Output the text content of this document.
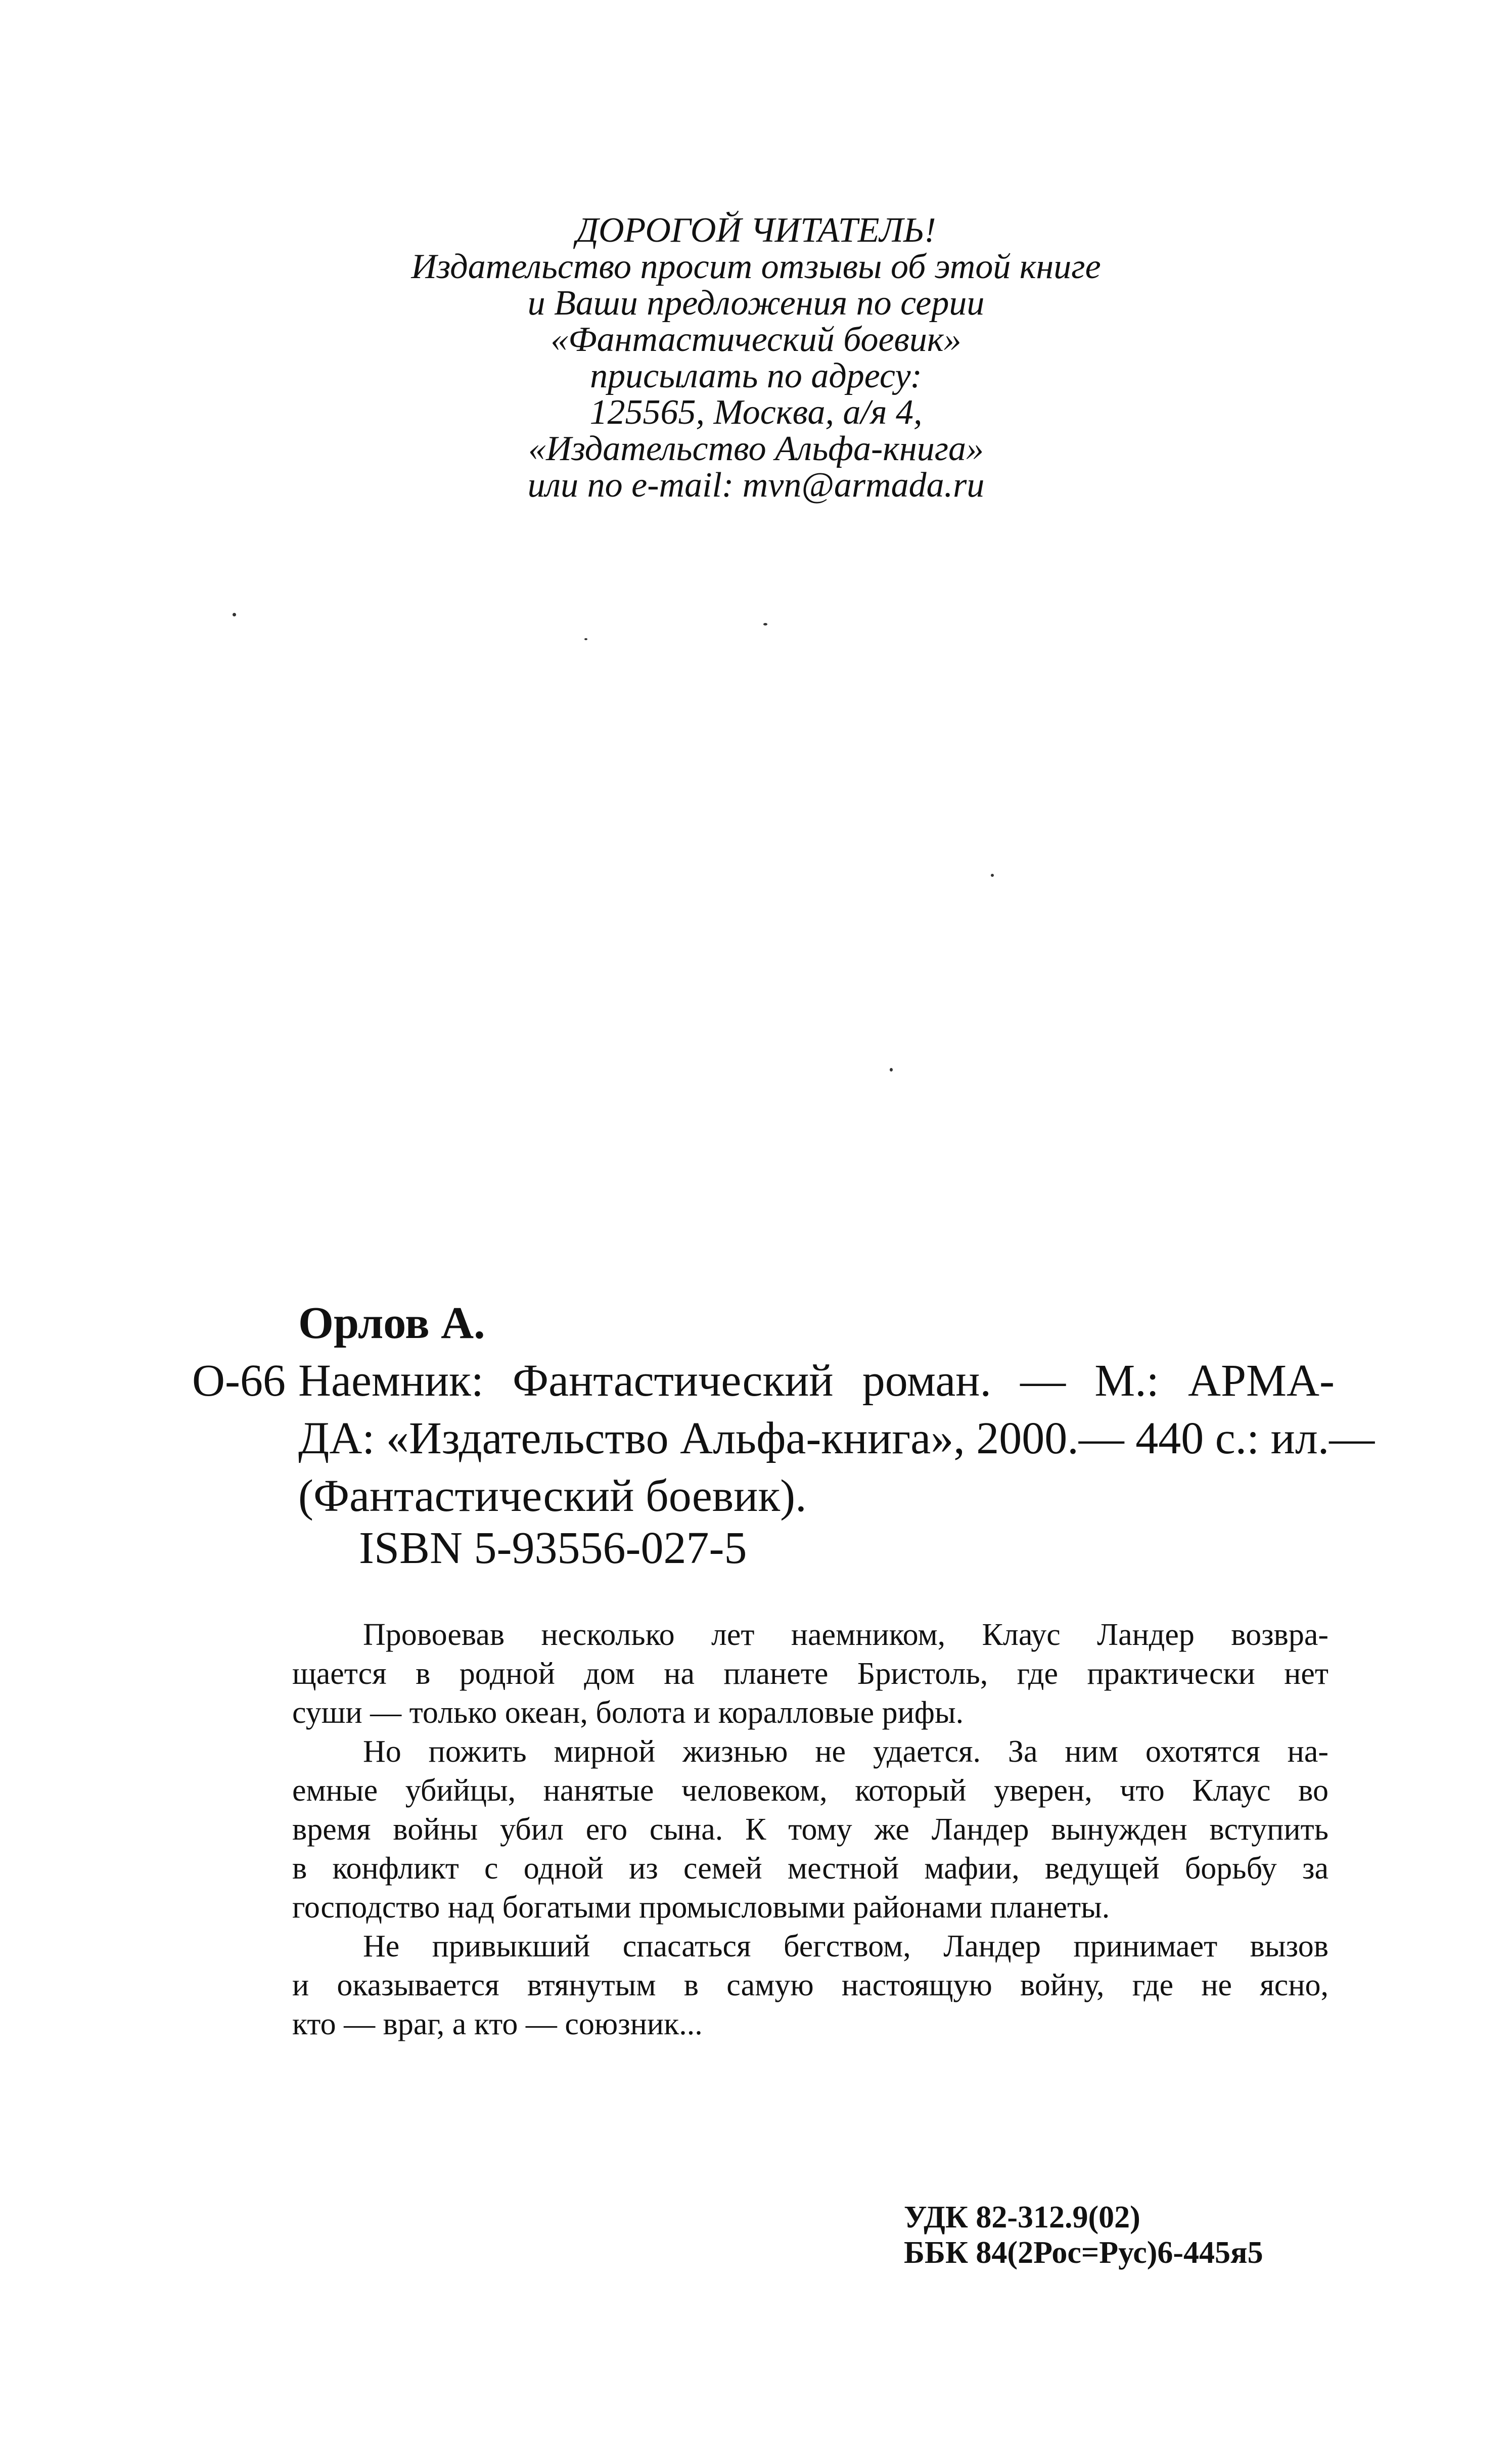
ДОРОГОЙ ЧИТАТЕЛЬ!
Издательство просит отзывы об этой книге
и Ваши предложения по серии
«Фантастический боевик»
присылать по адресу:
125565, Москва, а/я 4,
«Издательство Альфа-книга»
или по e-mail: mvn@armada.ru
Орлов А.
О-66 Наемник: Фантастический роман. — М.: АРМА-
ДА: «Издательство Альфа-книга», 2000.— 440 с.: ил.—
(Фантастический боевик).
ISBN 5-93556-027-5
Провоевав несколько лет наемником, Клаус Ландер возвра-
щается в родной дом на планете Бристоль, где практически нет
суши — только океан, болота и коралловые рифы.
Но пожить мирной жизнью не удается. За ним охотятся на-
емные убийцы, нанятые человеком, который уверен, что Клаус во
время войны убил его сына. К тому же Ландер вынужден вступить
в конфликт с одной из семей местной мафии, ведущей борьбу за
господство над богатыми промысловыми районами планеты.
Не привыкший спасаться бегством, Ландер принимает вызов
и оказывается втянутым в самую настоящую войну, где не ясно,
кто — враг, а кто — союзник...
УДК 82-312.9(02)
ББК 84(2Рос=Рус)6-445я5
